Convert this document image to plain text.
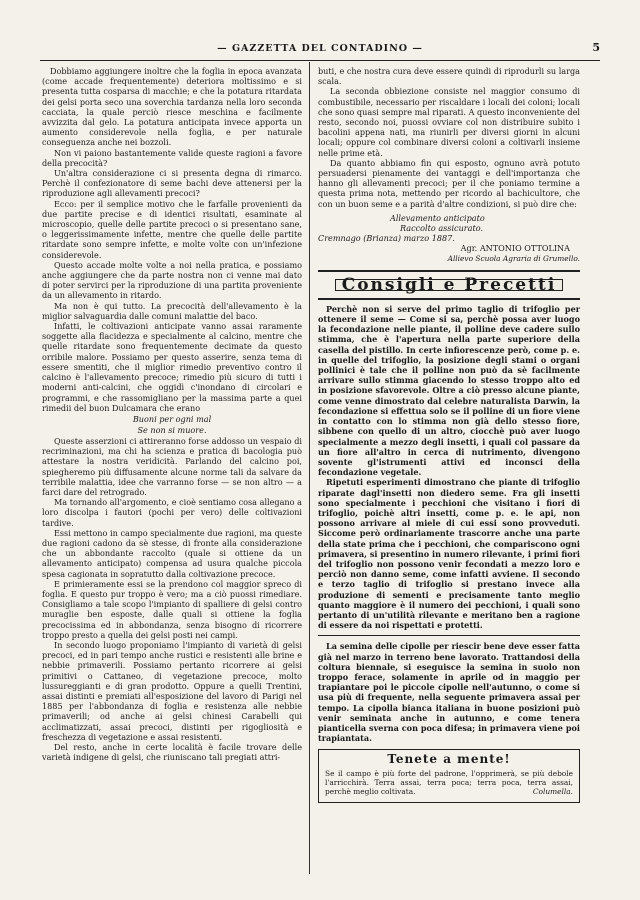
— GAZZETTA DEL CONTADINO —	5

Dobbiamo aggiungere inoltre che la foglia in epoca avanzata (come accade frequentemente) deteriora moltissimo e si presenta tutta cosparsa di macchie; e che la potatura ritardata dei gelsi porta seco una soverchia tardanza nella loro seconda cacciata, la quale perciò riesce meschina e facilmente avvizzita dal gelo. La potatura anticipata invece apporta un aumento considerevole nella foglia, e per naturale conseguenza anche nei bozzoli.

Non vi paiono bastantemente valide queste ragioni a favore della precocità?

Un'altra considerazione ci si presenta degna di rimarco. Perchè il confezionatore di seme bachi deve attenersi per la riproduzione agli allevamenti precoci?

Ecco: per il semplice motivo che le farfalle provenienti da due partite precise e di identici risultati, esaminate al microscopio, quelle delle partite precoci o si presentano sane, o leggerissimamente infette, mentre che quelle delle partite ritardate sono sempre infette, e molte volte con un'infezione considerevole.

Questo accade molte volte a noi nella pratica, e possiamo anche aggiungere che da parte nostra non ci venne mai dato di poter servirci per la riproduzione di una partita proveniente da un allevamento in ritardo.

Ma non è qui tutto. La precocità dell'allevamento è la miglior salvaguardia dalle comuni malattie del baco.

Infatti, le coltivazioni anticipate vanno assai raramente soggette alla flacidezza e specialmente al calcino, mentre che quelle ritardate sono frequentemente decimate da questo orribile malore. Possiamo per questo asserire, senza tema di essere smentiti, che il miglior rimedio preventivo contro il calcino è l'allevamento precoce; rimedio più sicuro di tutti i moderni anti-calcini, che oggidì c'inondano di circolari e programmi, e che rassomigliano per la massima parte a quei rimedii del buon Dulcamara che erano

Buoni per ogni mal
Se non si muore.

Queste asserzioni ci attireranno forse addosso un vespaio di recriminazioni, ma chi ha scienza e pratica di bacologia può attestare la nostra veridicità. Parlando del calcino poi, spiegheremo più diffusamente alcune norme tali da salvare da terribile malattia, idee che varranno forse — se non altro — a farci dare del retrogrado.

Ma tornando all'argomento, e cioè sentiamo cosa allegano a loro discolpa i fautori (pochi per vero) delle coltivazioni tardive.

Essi mettono in campo specialmente due ragioni, ma queste due ragioni cadono da sè stesse, di fronte alla considerazione che un abbondante raccolto (quale si ottiene da un allevamento anticipato) compensa ad usura qualche piccola spesa cagionata in sopratutto dalla coltivazione precoce.

E primieramente essi se la prendono col maggior spreco di foglia. E questo pur troppo è vero; ma a ciò puossi rimediare. Consigliamo a tale scopo l'impianto di spalliere di gelsi contro muraglie ben esposte, dalle quali si ottiene la foglia precocissima ed in abbondanza, senza bisogno di ricorrere troppo presto a quella dei gelsi posti nei campi.

In secondo luogo proponiamo l'impianto di varietà di gelsi precoci, ed in pari tempo anche rustici e resistenti alle brine e nebbie primaverili. Possiamo pertanto ricorrere ai gelsi primitivi o Cattaneo, di vegetazione precoce, molto lussureggianti e di gran prodotto. Oppure a quelli Trentini, assai distinti e premiati all'esposizione del lavoro di Parigi nel 1885 per l'abbondanza di foglia e resistenza alle nebbie primaverili; od anche ai gelsi chinesi Carabelli qui acclimatizzati, assai precoci, distinti per rigogliosità e freschezza di vegetazione e assai resistenti.

Del resto, anche in certe località è facile trovare delle varietà indigene di gelsi, che riuniscano tali pregiati attri-

buti, e che nostra cura deve essere quindi di riprodurli su larga scala.

La seconda obbiezione consiste nel maggior consumo di combustibile, necessario per riscaldare i locali dei coloni; locali che sono quasi sempre mal riparati. A questo inconveniente del resto, secondo noi, puossi ovviare col non distribuire subito i bacolini appena nati, ma riunirli per diversi giorni in alcuni locali; oppure col combinare diversi coloni a coltivarli insieme nelle prime età.

Da quanto abbiamo fin qui esposto, ognuno avrà potuto persuadersi pienamente dei vantaggi e dell'importanza che hanno gli allevamenti precoci; per il che poniamo termine a questa prima nota, mettendo per ricordo al bachicultore, che con un buon seme e a parità d'altre condizioni, si può dire che:

Allevamento anticipato
Raccolto assicurato.
Cremnago (Brianza) marzo 1887.
Agr. ANTONIO OTTOLINA
Allievo Scuola Agraria di Grumello.
Consigli e Precetti

Perchè non si serve del primo taglio di trifoglio per ottenere il seme — Come si sa, perchè possa aver luogo la fecondazione nelle piante, il polline deve cadere sullo stimma, che è l'apertura nella parte superiore della casella del pistillo. In certe infiorescenze però, come p. e. in quelle del trifoglio, la posizione degli stami o organi pollinici è tale che il polline non può da sè facilmente arrivare sullo stimma giacendo lo stesso troppo alto ed in posizione sfavorevole. Oltre a ciò presso alcune piante, come venne dimostrato dal celebre naturalista Darwin, la fecondazione si effettua solo se il polline di un fiore viene in contatto con lo stimma non già dello stesso fiore, sibbene con quello di un altro, ciocchè può aver luogo specialmente a mezzo degli insetti, i quali col passare da un fiore all'altro in cerca di nutrimento, divengono sovente gl'istrumenti attivi ed inconsci della fecondazione vegetale.

Ripetuti esperimenti dimostrano che piante di trifoglio riparate dagl'insetti non diedero seme. Fra gli insetti sono specialmente i pecchioni che visitano i fiori di trifoglio, poichè altri insetti, come p. e. le api, non possono arrivare al miele di cui essi sono provveduti. Siccome però ordinariamente trascorre anche una parte della state prima che i pecchioni, che compariscono ogni primavera, si presentino in numero rilevante, i primi fiori del trifoglio non possono venir fecondati a mezzo loro e perciò non danno seme, come infatti avviene. Il secondo e terzo taglio di trifoglio si prestano invece alla produzione di sementi e precisamente tanto meglio quanto maggiore è il numero dei pecchioni, i quali sono pertanto di un'utilità rilevante e meritano ben a ragione di essere da noi rispettati e protetti.

La semina delle cipolle per riescir bene deve esser fatta già nel marzo in terreno bene lavorato. Trattandosi della coltura biennale, si eseguisce la semina in suolo non troppo ferace, solamente in aprile od in maggio per trapiantare poi le piccole cipolle nell'autunno, o come si usa più di frequente, nella seguente primavera assai per tempo. La cipolla bianca italiana in buone posizioni può venir seminata anche in autunno, e come tenera pianticella sverna con poca difesa; in primavera viene poi trapiantata.

Tenete a mente!
Se il campo è più forte del padrone, l'opprimerà, se più debole l'arricchirà. Terra assai, terra poca; terra poca, terra assai, perchè meglio coltivata.	Columella.
